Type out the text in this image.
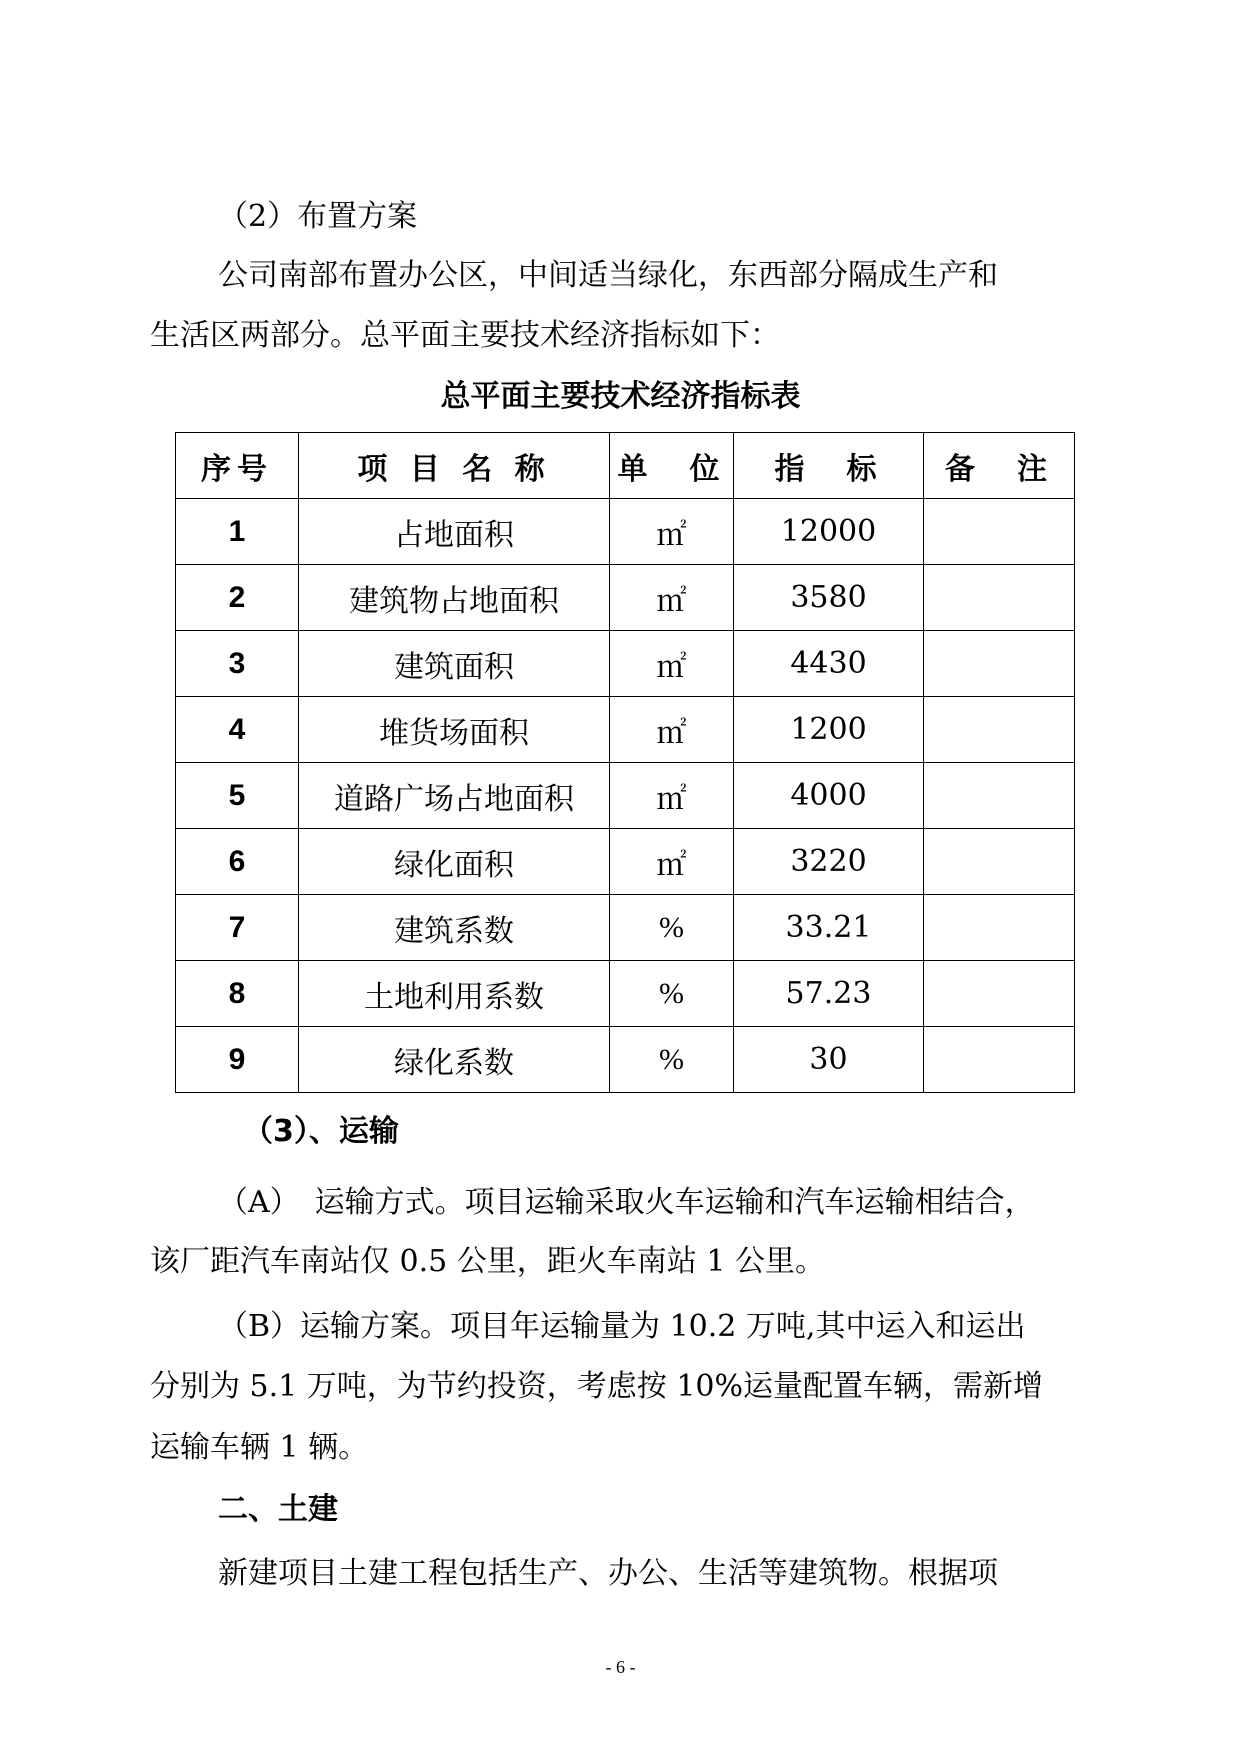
（2）布置方案
公司南部布置办公区，中间适当绿化，东西部分隔成生产和
生活区两部分。总平面主要技术经济指标如下：
总平面主要技术经济指标表
序号	项 目 名 称	单　位	指　标	备　注
1	占地面积	㎡	12000	
2	建筑物占地面积	㎡	3580	
3	建筑面积	㎡	4430	
4	堆货场面积	㎡	1200	
5	道路广场占地面积	㎡	4000	
6	绿化面积	㎡	3220	
7	建筑系数	%	33.21	
8	土地利用系数	%	57.23	
9	绿化系数	%	30	
（3）、运输
（A）　运输方式。项目运输采取火车运输和汽车运输相结合，
该厂距汽车南站仅 0.5 公里，距火车南站 1 公里。
（B）运输方案。项目年运输量为 10.2 万吨,其中运入和运出
分别为 5.1 万吨，为节约投资，考虑按 10%运量配置车辆，需新增
运输车辆 1 辆。
二、土建
新建项目土建工程包括生产、办公、生活等建筑物。根据项
- 6 -
